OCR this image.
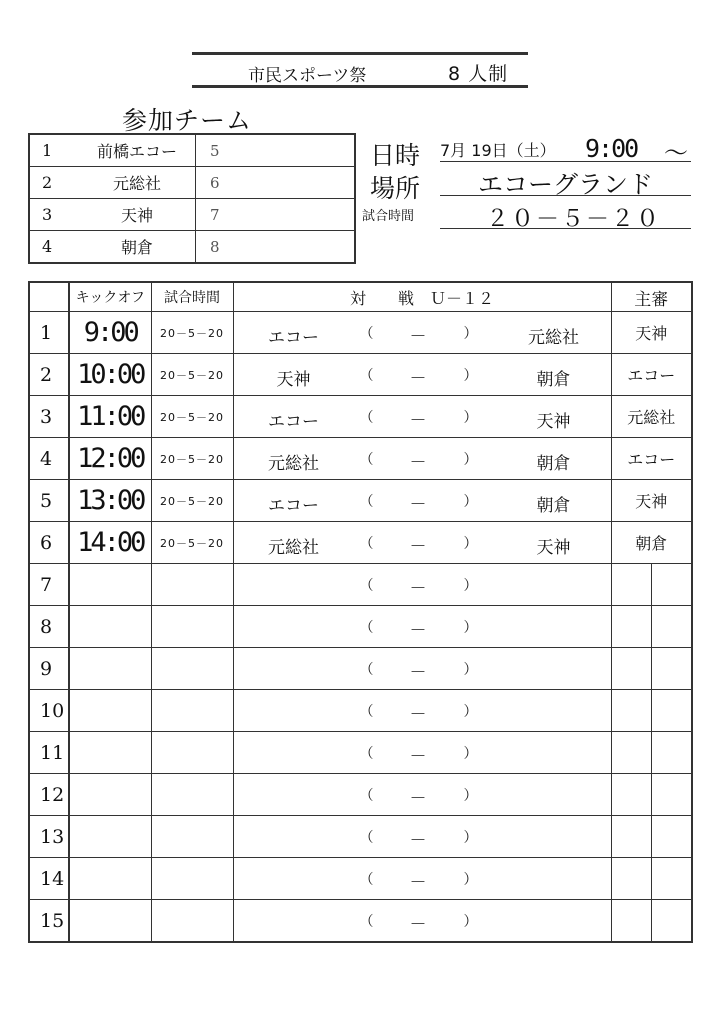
市民スポーツ祭	8 人制
参加チーム
1	前橋エコー	5
2	元総社	6
3	天神	7
4	朝倉	8
日時 7月 19日（土） 9:00 ～
場所 エコーグランド
試合時間	２０－５－２０
	キックオフ	試合時間	対　　戦　Ｕ－１２	主審
1	9:00	20－5－20	エコー （ － ） 元総社	天神
2	10:00	20－5－20	天神 （ － ） 朝倉	エコー
3	11:00	20－5－20	エコー （ － ） 天神	元総社
4	12:00	20－5－20	元総社 （ － ） 朝倉	エコー
5	13:00	20－5－20	エコー （ － ） 朝倉	天神
6	14:00	20－5－20	元総社 （ － ） 天神	朝倉
7			（ － ）	

8			（ － ）	

9			（ － ）	

10			（ － ）	

11			（ － ）	

12			（ － ）	

13			（ － ）	

14			（ － ）	

15			（ － ）	
